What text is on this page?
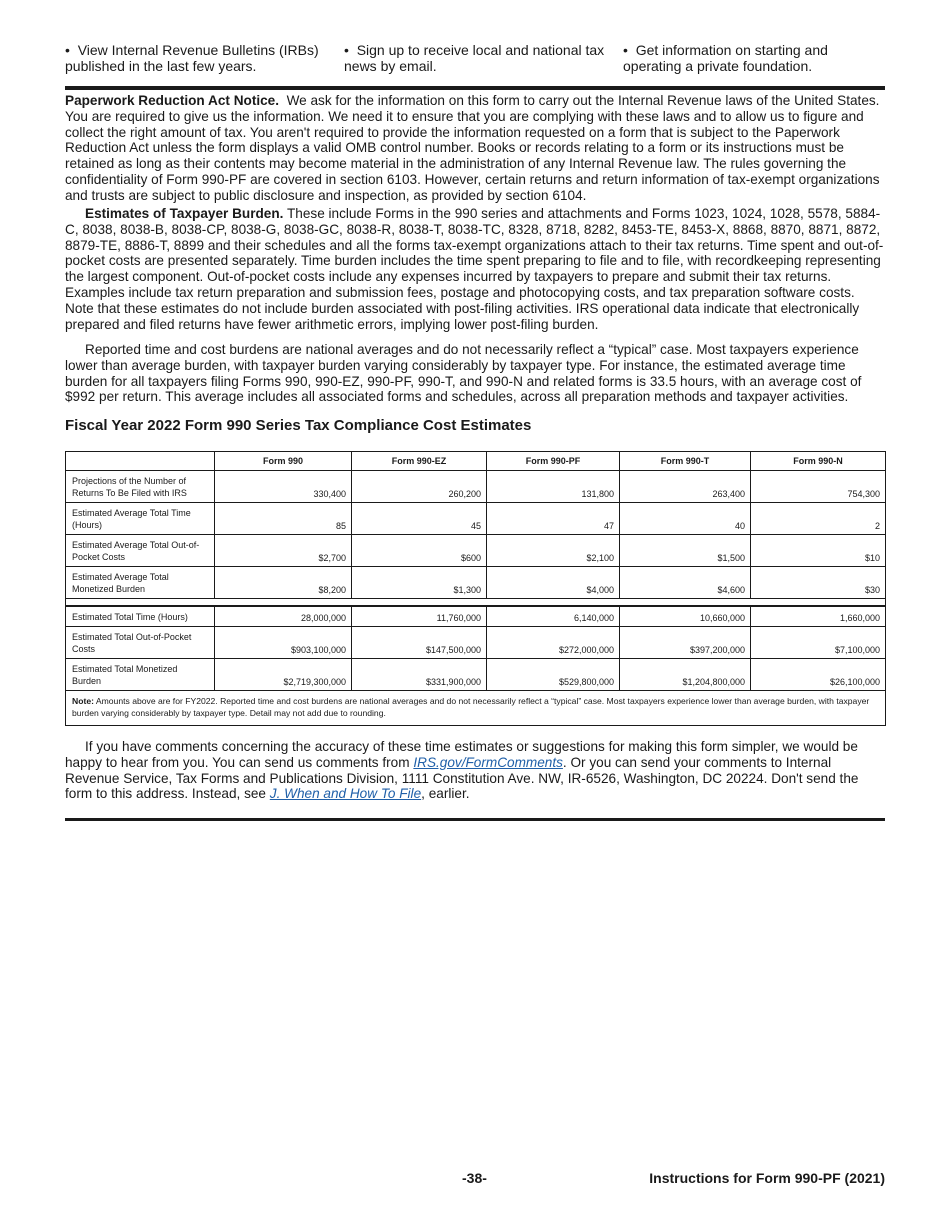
• View Internal Revenue Bulletins (IRBs) published in the last few years.
• Sign up to receive local and national tax news by email.
• Get information on starting and operating a private foundation.

Paperwork Reduction Act Notice. We ask for the information on this form to carry out the Internal Revenue laws of the United States. You are required to give us the information. We need it to ensure that you are complying with these laws and to allow us to figure and collect the right amount of tax. You aren't required to provide the information requested on a form that is subject to the Paperwork Reduction Act unless the form displays a valid OMB control number. Books or records relating to a form or its instructions must be retained as long as their contents may become material in the administration of any Internal Revenue law. The rules governing the confidentiality of Form 990-PF are covered in section 6103. However, certain returns and return information of tax-exempt organizations and trusts are subject to public disclosure and inspection, as provided by section 6104.

Estimates of Taxpayer Burden. These include Forms in the 990 series and attachments and Forms 1023, 1024, 1028, 5578, 5884-C, 8038, 8038-B, 8038-CP, 8038-G, 8038-GC, 8038-R, 8038-T, 8038-TC, 8328, 8718, 8282, 8453-TE, 8453-X, 8868, 8870, 8871, 8872, 8879-TE, 8886-T, 8899 and their schedules and all the forms tax-exempt organizations attach to their tax returns. Time spent and out-of-pocket costs are presented separately. Time burden includes the time spent preparing to file and to file, with recordkeeping representing the largest component. Out-of-pocket costs include any expenses incurred by taxpayers to prepare and submit their tax returns. Examples include tax return preparation and submission fees, postage and photocopying costs, and tax preparation software costs. Note that these estimates do not include burden associated with post-filing activities. IRS operational data indicate that electronically prepared and filed returns have fewer arithmetic errors, implying lower post-filing burden.

Reported time and cost burdens are national averages and do not necessarily reflect a “typical” case. Most taxpayers experience lower than average burden, with taxpayer burden varying considerably by taxpayer type. For instance, the estimated average time burden for all taxpayers filing Forms 990, 990-EZ, 990-PF, 990-T, and 990-N and related forms is 33.5 hours, with an average cost of $992 per return. This average includes all associated forms and schedules, across all preparation methods and taxpayer activities.

Fiscal Year 2022 Form 990 Series Tax Compliance Cost Estimates
	Form 990	Form 990-EZ	Form 990-PF	Form 990-T	Form 990-N
Projections of the Number of Returns To Be Filed with IRS	330,400	260,200	131,800	263,400	754,300
Estimated Average Total Time (Hours)	85	45	47	40	2
Estimated Average Total Out-of-Pocket Costs	$2,700	$600	$2,100	$1,500	$10
Estimated Average Total Monetized Burden	$8,200	$1,300	$4,000	$4,600	$30

Estimated Total Time (Hours)	28,000,000	11,760,000	6,140,000	10,660,000	1,660,000
Estimated Total Out-of-Pocket Costs	$903,100,000	$147,500,000	$272,000,000	$397,200,000	$7,100,000
Estimated Total Monetized Burden	$2,719,300,000	$331,900,000	$529,800,000	$1,204,800,000	$26,100,000
Note: Amounts above are for FY2022. Reported time and cost burdens are national averages and do not necessarily reflect a “typical” case. Most taxpayers experience lower than average burden, with taxpayer burden varying considerably by taxpayer type. Detail may not add due to rounding.					

If you have comments concerning the accuracy of these time estimates or suggestions for making this form simpler, we would be happy to hear from you. You can send us comments from IRS.gov/FormComments. Or you can send your comments to Internal Revenue Service, Tax Forms and Publications Division, 1111 Constitution Ave. NW, IR-6526, Washington, DC 20224. Don't send the form to this address. Instead, see J. When and How To File, earlier.

-38-	Instructions for Form 990-PF (2021)
